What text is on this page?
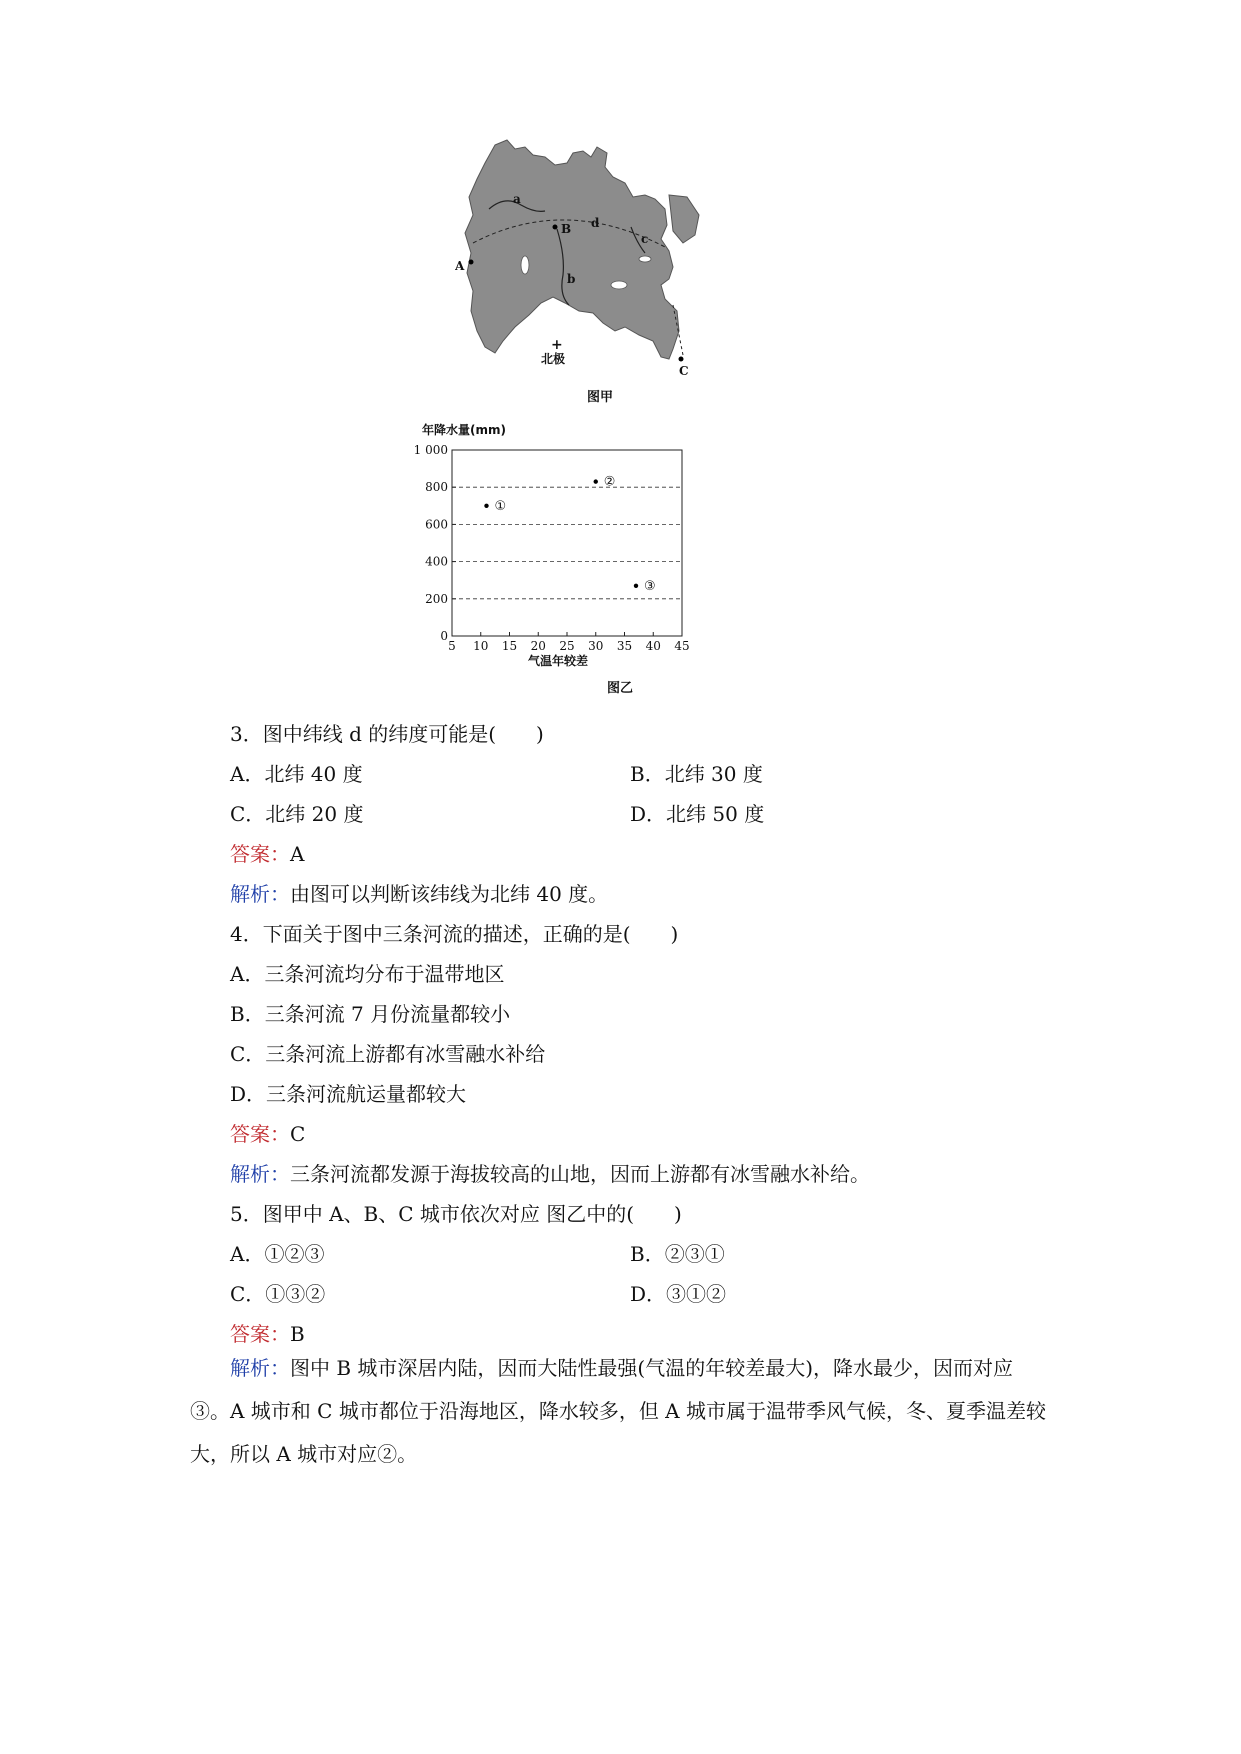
a
d
b
c
A
B
C
+
北极
图甲
年降水量(mm)
气温年较差
0
200
400
600
800
1 000
5 10 15 20 25 30 35 40 45
①
②
③
图乙
3．图中纬线 d 的纬度可能是(　　)
A．北纬 40 度	B．北纬 30 度
C．北纬 20 度	D．北纬 50 度
答案：A
解析：由图可以判断该纬线为北纬 40 度。
4．下面关于图中三条河流的描述，正确的是(　　)
A．三条河流均分布于温带地区
B．三条河流 7 月份流量都较小
C．三条河流上游都有冰雪融水补给
D．三条河流航运量都较大
答案：C
解析：三条河流都发源于海拔较高的山地，因而上游都有冰雪融水补给。
5．图甲中 A、B、C 城市依次对应 图乙中的(　　)
A．①②③	B．②③①
C．①③②	D．③①②
答案：B
解析：图中 B 城市深居内陆，因而大陆性最强(气温的年较差最大)，降水最少，因而对应③。A 城市和 C 城市都位于沿海地区，降水较多，但 A 城市属于温带季风气候，冬、夏季温差较大，所以 A 城市对应②。
